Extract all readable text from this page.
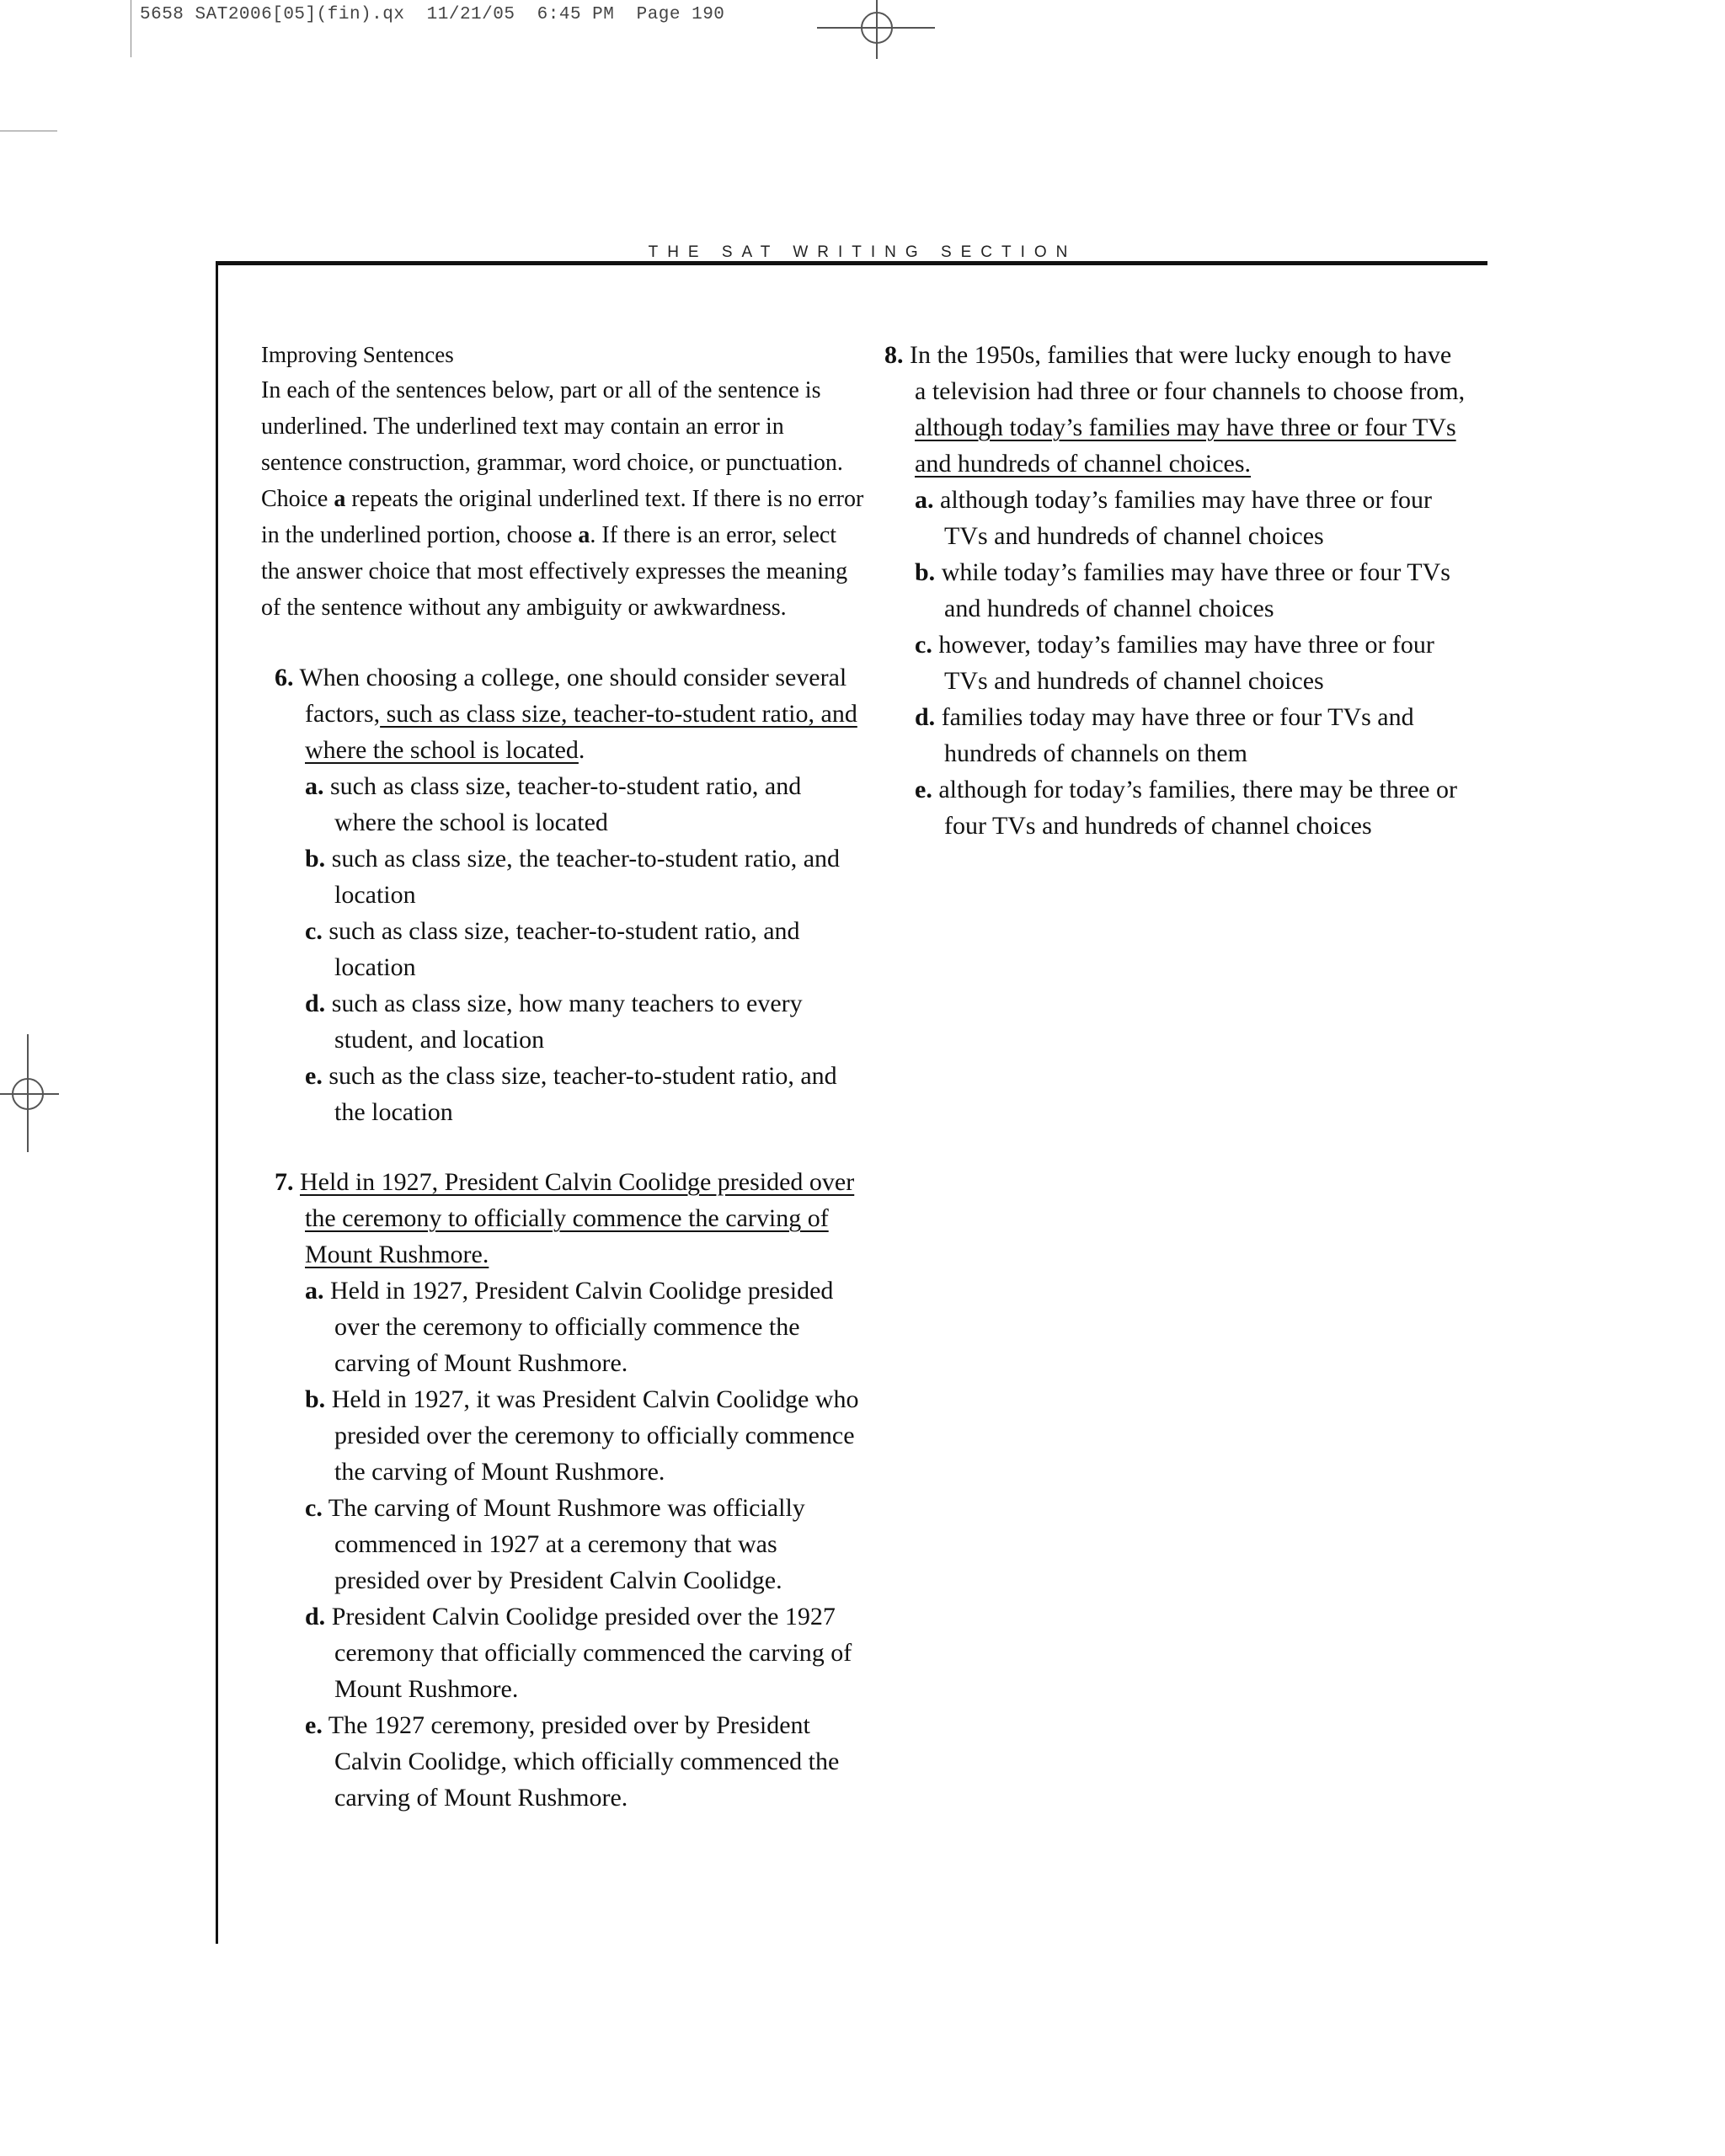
5658 SAT2006[05](fin).qx  11/21/05  6:45 PM  Page 190
THE SAT WRITING SECTION

Improving Sentences

In each of the sentences below, part or all of the sentence is underlined. The underlined text may contain an error in sentence construction, grammar, word choice, or punctuation. Choice a repeats the original underlined text. If there is no error in the underlined portion, choose a. If there is an error, select the answer choice that most effectively expresses the meaning of the sentence without any ambiguity or awkwardness.

6. When choosing a college, one should consider several factors, such as class size, teacher-to-student ratio, and where the school is located.

a. such as class size, teacher-to-student ratio, and where the school is located
b. such as class size, the teacher-to-student ratio, and location
c. such as class size, teacher-to-student ratio, and location
d. such as class size, how many teachers to every student, and location
e. such as the class size, teacher-to-student ratio, and the location

7. Held in 1927, President Calvin Coolidge presided over the ceremony to officially commence the carving of Mount Rushmore.

a. Held in 1927, President Calvin Coolidge presided over the ceremony to officially commence the carving of Mount Rushmore.
b. Held in 1927, it was President Calvin Coolidge who presided over the ceremony to officially commence the carving of Mount Rushmore.
c. The carving of Mount Rushmore was officially commenced in 1927 at a ceremony that was presided over by President Calvin Coolidge.
d. President Calvin Coolidge presided over the 1927 ceremony that officially commenced the carving of Mount Rushmore.
e. The 1927 ceremony, presided over by President Calvin Coolidge, which officially commenced the carving of Mount Rushmore.

8. In the 1950s, families that were lucky enough to have a television had three or four channels to choose from, although today’s families may have three or four TVs and hundreds of channel choices.

a. although today’s families may have three or four TVs and hundreds of channel choices
b. while today’s families may have three or four TVs and hundreds of channel choices
c. however, today’s families may have three or four TVs and hundreds of channel choices
d. families today may have three or four TVs and hundreds of channels on them
e. although for today’s families, there may be three or four TVs and hundreds of channel choices
